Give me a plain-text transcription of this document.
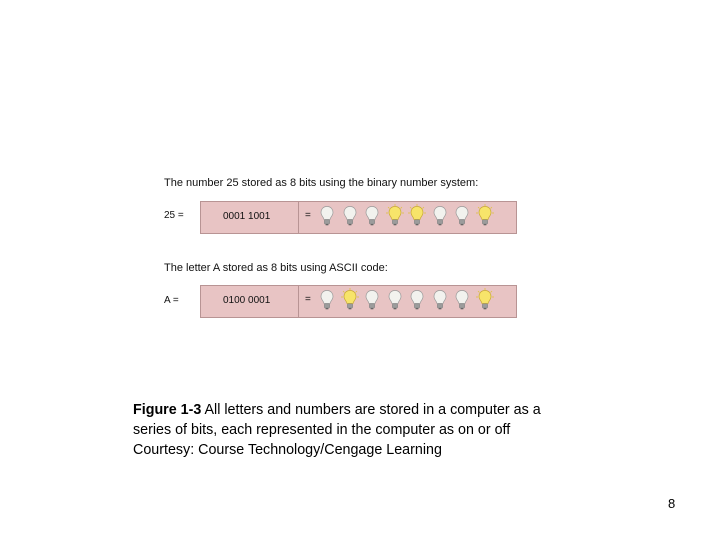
The number 25 stored as 8 bits using the binary number system:
25 =	0001 1001	=
The letter A stored as 8 bits using ASCII code:
A =	0100 0001	=
Figure 1-3 All letters and numbers are stored in a computer as a series of bits, each represented in the computer as on or off
Courtesy: Course Technology/Cengage Learning
8
